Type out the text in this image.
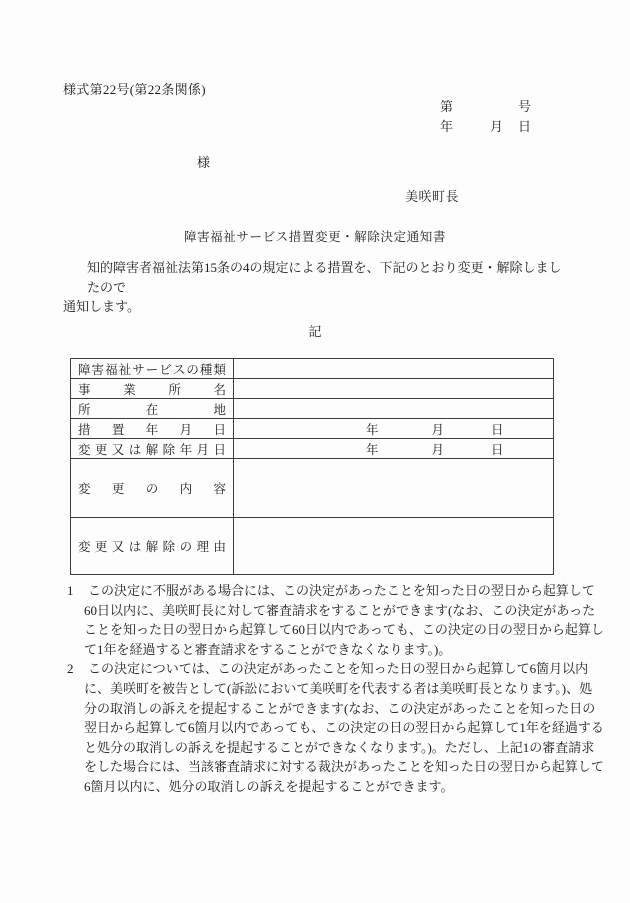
様式第22号(第22条関係)
第	号
年	月 日
様
美咲町長
障害福祉サービス措置変更・解除決定通知書
知的障害者福祉法第15条の4の規定による措置を、下記のとおり変更・解除しましたので
通知します。
記
障害福祉サービスの種類	
事業所名	
所在地	
措置年月日	年 月 日
変更又は解除年月日	年 月 日
変更の内容	
変更又は解除の理由	
1	この決定に不服がある場合には、この決定があったことを知った日の翌日から起算して
60日以内に、美咲町長に対して審査請求をすることができます(なお、この決定があった
ことを知った日の翌日から起算して60日以内であっても、この決定の日の翌日から起算し
て1年を経過すると審査請求をすることができなくなります。)。
2	この決定については、この決定があったことを知った日の翌日から起算して6箇月以内
に、美咲町を被告として(訴訟において美咲町を代表する者は美咲町長となります。)、処
分の取消しの訴えを提起することができます(なお、この決定があったことを知った日の
翌日から起算して6箇月以内であっても、この決定の日の翌日から起算して1年を経過する
と処分の取消しの訴えを提起することができなくなります。)。ただし、上記1の審査請求
をした場合には、当該審査請求に対する裁決があったことを知った日の翌日から起算して
6箇月以内に、処分の取消しの訴えを提起することができます。
